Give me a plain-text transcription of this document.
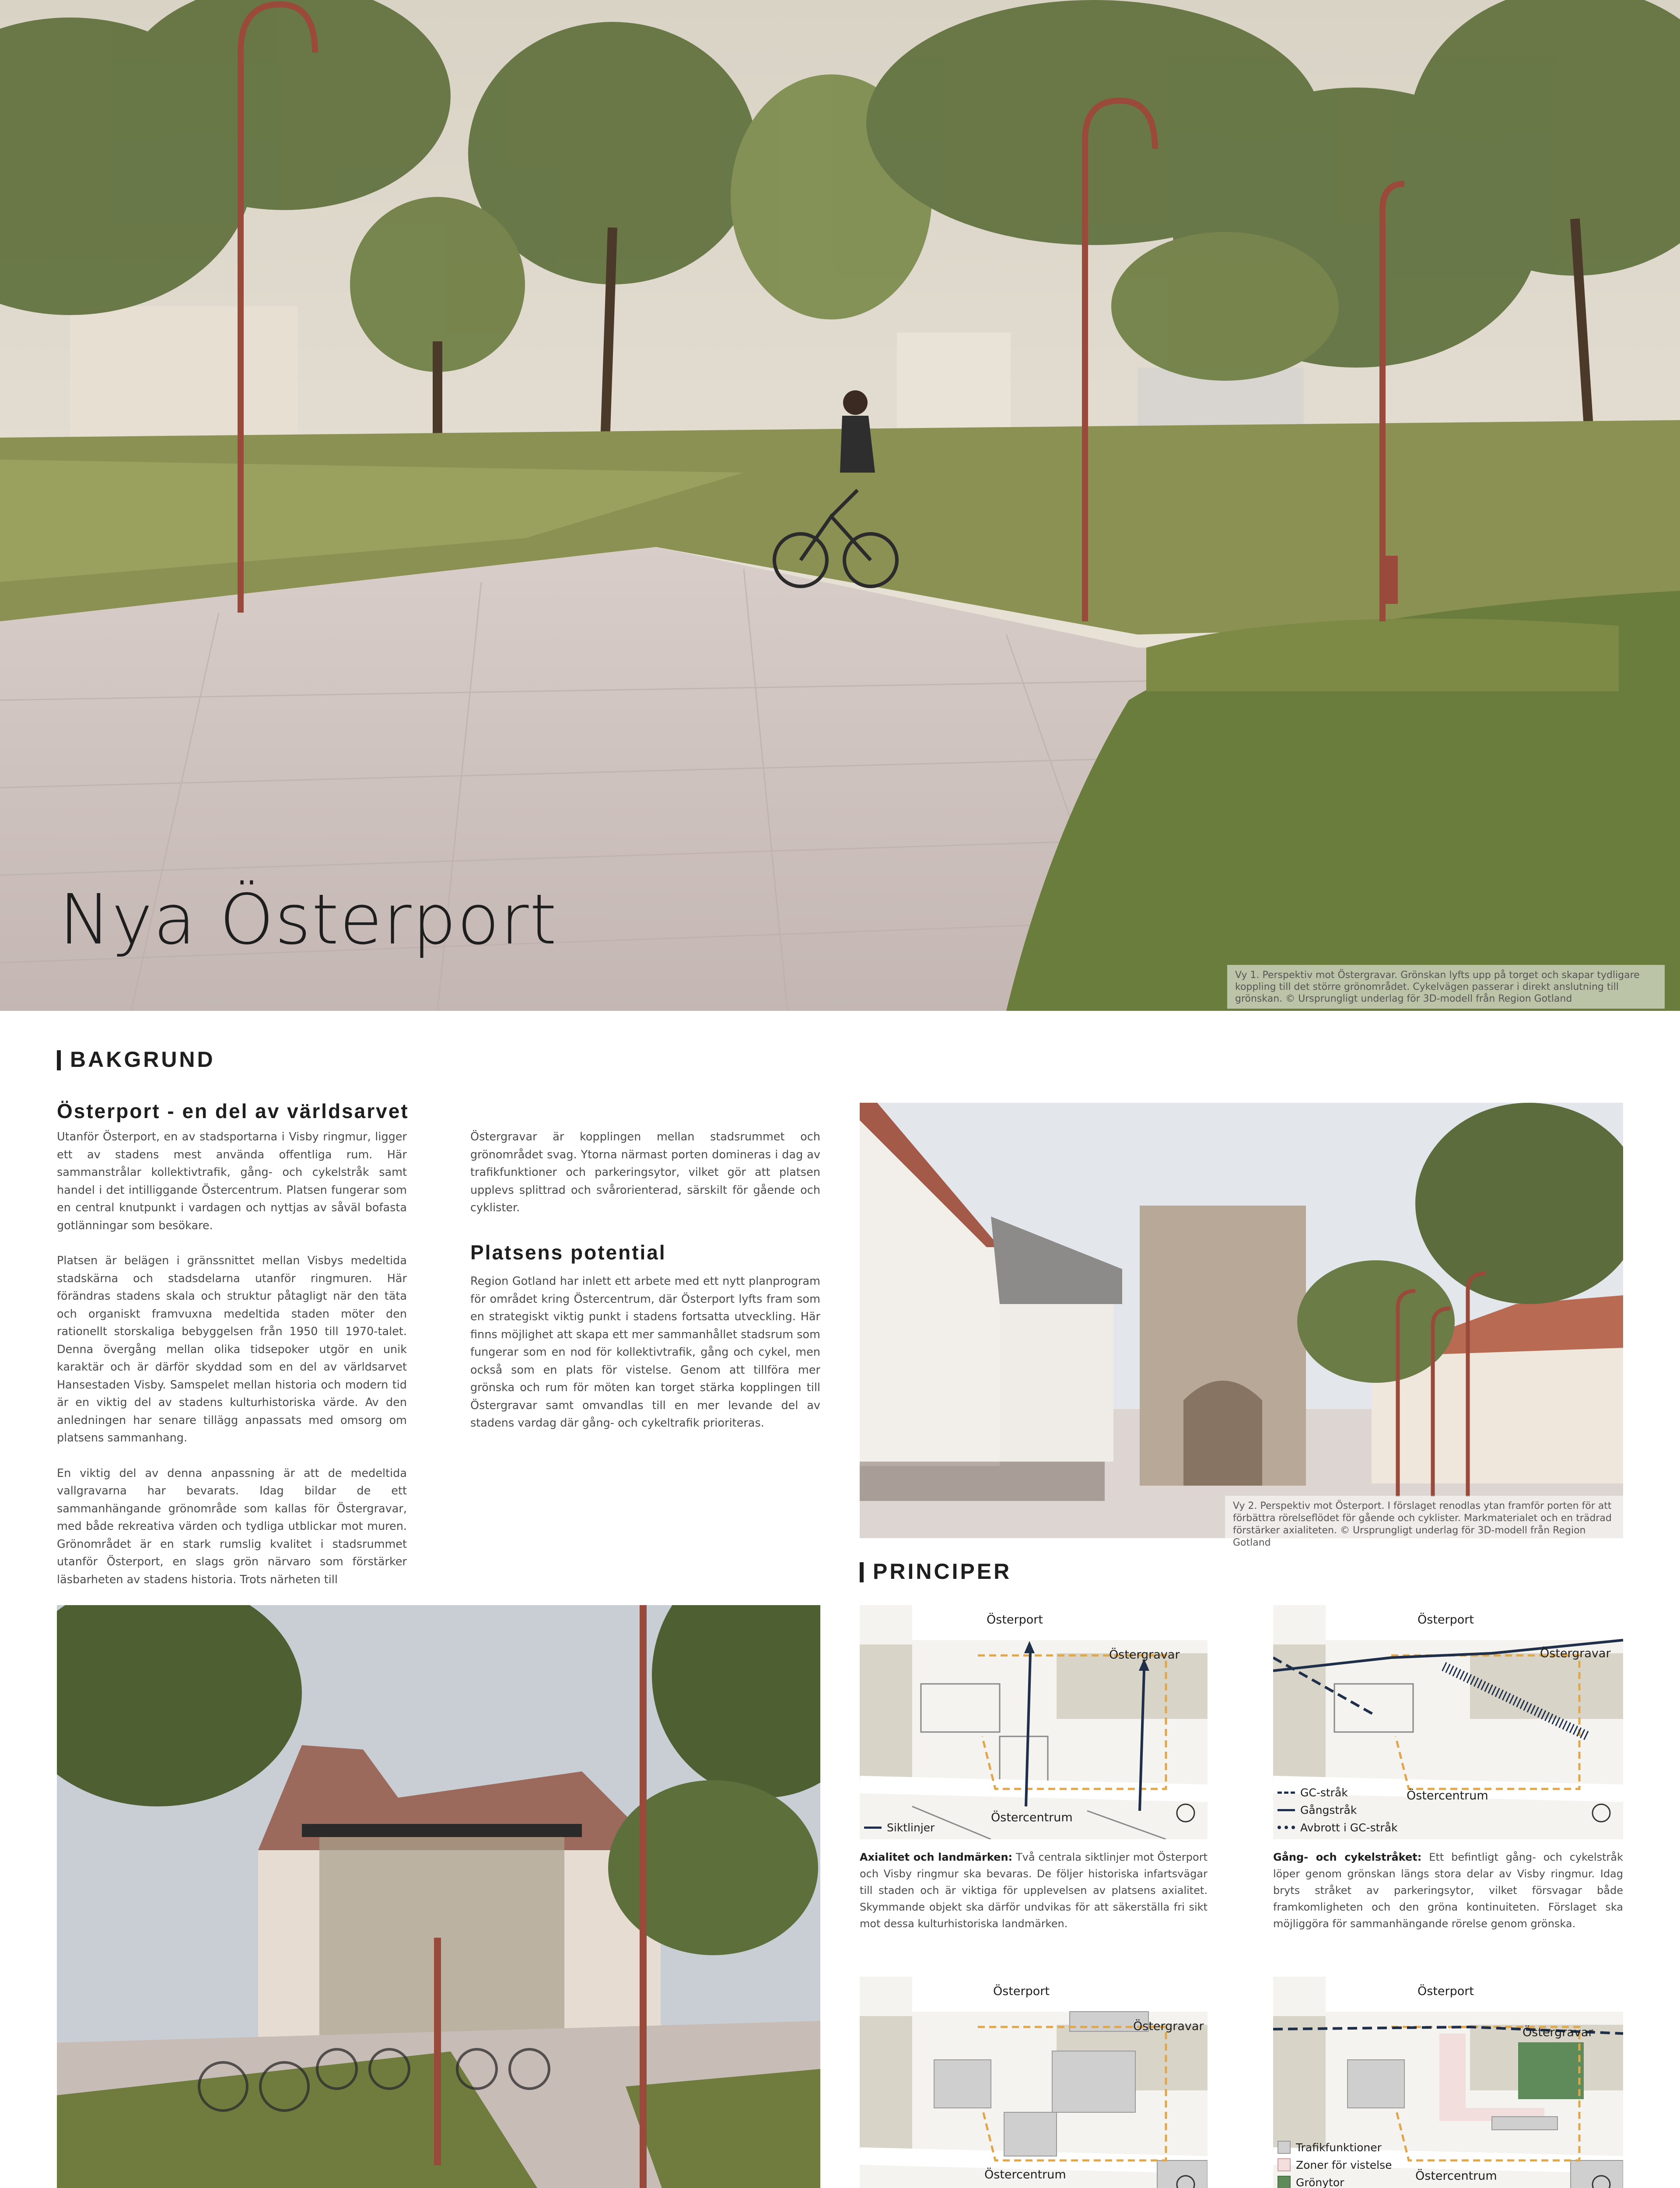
Nya Österport
Vy 1. Perspektiv mot Östergravar. Grönskan lyfts upp på torget och skapar tydligare koppling till det större grönområdet. Cykelvägen passerar i direkt anslutning till grönskan. © Ursprungligt underlag för 3D-modell från Region Gotland
BAKGRUND
Österport - en del av världsarvet

Utanför Österport, en av stadsportarna i Visby ringmur, ligger ett av stadens mest använda offentliga rum. Här sammanstrålar kollektivtrafik, gång- och cykelstråk samt handel i det intilliggande Östercentrum. Platsen fungerar som en central knutpunkt i vardagen och nyttjas av såväl bofasta gotlänningar som besökare.

Platsen är belägen i gränssnittet mellan Visbys medeltida stadskärna och stadsdelarna utanför ringmuren. Här förändras stadens skala och struktur påtagligt när den täta och organiskt framvuxna medeltida staden möter den rationellt storskaliga bebyggelsen från 1950 till 1970-talet. Denna övergång mellan olika tidsepoker utgör en unik karaktär och är därför skyddad som en del av världsarvet Hansestaden Visby. Samspelet mellan historia och modern tid är en viktig del av stadens kulturhistoriska värde. Av den anledningen har senare tillägg anpassats med omsorg om platsens sammanhang.

En viktig del av denna anpassning är att de medeltida vallgravarna har bevarats. Idag bildar de ett sammanhängande grönområde som kallas för Östergravar, med både rekreativa värden och tydliga utblickar mot muren. Grönområdet är en stark rumslig kvalitet i stadsrummet utanför Österport, en slags grön närvaro som förstärker läsbarheten av stadens historia. Trots närheten till

Östergravar är kopplingen mellan stadsrummet och grönområdet svag. Ytorna närmast porten domineras i dag av trafikfunktioner och parkeringsytor, vilket gör att platsen upplevs splittrad och svårorienterad, särskilt för gående och cyklister.

Platsens potential

Region Gotland har inlett ett arbete med ett nytt planprogram för området kring Östercentrum, där Österport lyfts fram som en strategiskt viktig punkt i stadens fortsatta utveckling. Här finns möjlighet att skapa ett mer sammanhållet stadsrum som fungerar som en nod för kollektivtrafik, gång och cykel, men också som en plats för vistelse. Genom att tillföra mer grönska och rum för möten kan torget stärka kopplingen till Östergravar samt omvandlas till en mer levande del av stadens vardag där gång- och cykeltrafik prioriteras.

Vy 2. Perspektiv mot Österport. I förslaget renodlas ytan framför porten för att förbättra rörelseflödet för gående och cyklister. Markmaterialet och en trädrad förstärker axialiteten. © Ursprungligt underlag för 3D-modell från Region Gotland
PRINCIPER
Österport
Östergravar
Östercentrum
Siktlinjer
Axialitet och landmärken: Två centrala siktlinjer mot Österport och Visby ringmur ska bevaras. De följer historiska infartsvägar till staden och är viktiga för upplevelsen av platsens axialitet. Skymmande objekt ska därför undvikas för att säkerställa fri sikt mot dessa kulturhistoriska landmärken.
Österport
Östergravar
Östercentrum
GC-stråk
Gångstråk
Avbrott i GC-stråk
Gång- och cykelstråket: Ett befintligt gång- och cykelstråk löper genom grönskan längs stora delar av Visby ringmur. Idag bryts stråket av parkeringsytor, vilket försvagar både framkomligheten och den gröna kontinuiteten. Förslaget ska möjliggöra för sammanhängande rörelse genom grönska.
Österport
Östergravar
Östercentrum
Österport
Östergravar
Östercentrum
Trafikfunktioner
Zoner för vistelse
Grönytor
